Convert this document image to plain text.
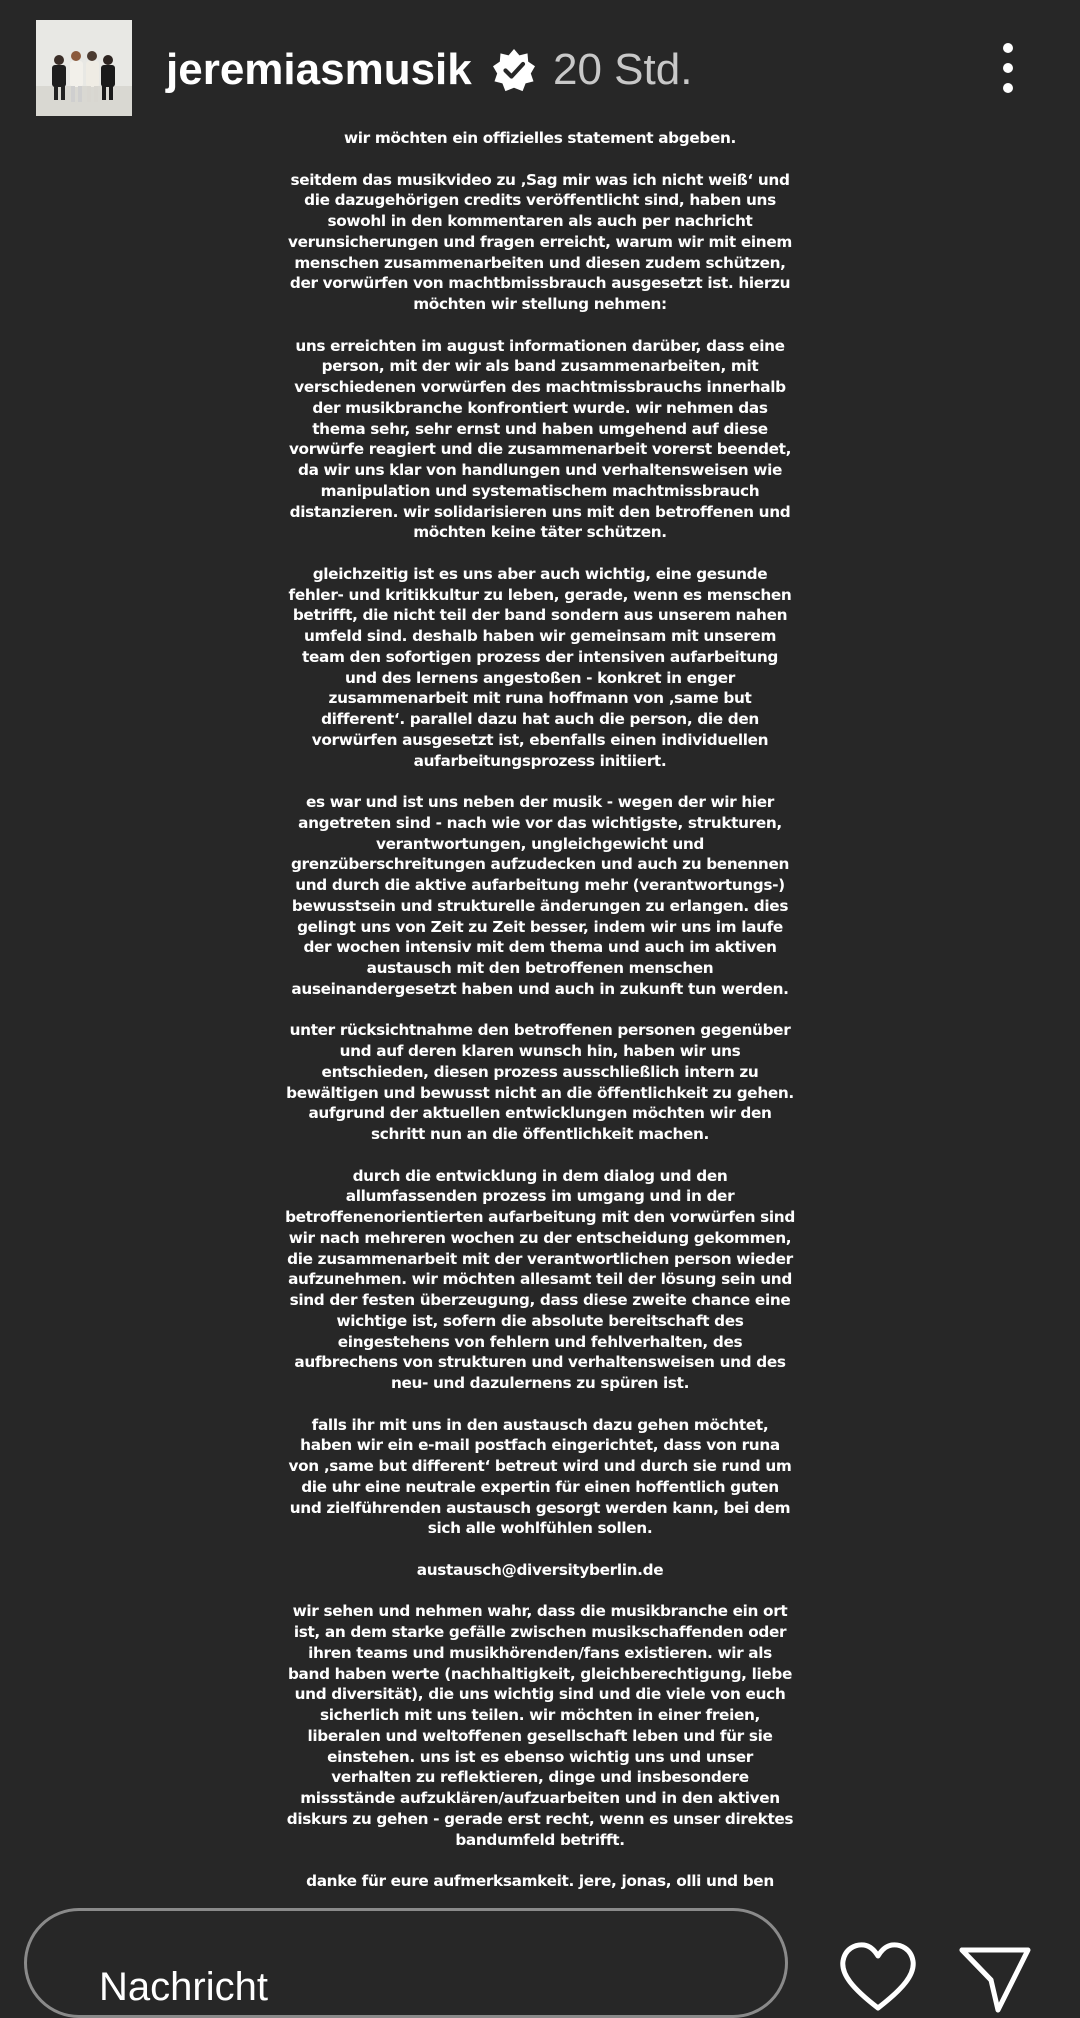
jeremiasmusik 20 Std.

wir möchten ein offizielles statement abgeben.

seitdem das musikvideo zu ‚Sag mir was ich nicht weiß‘ und die dazugehörigen credits veröffentlicht sind, haben uns sowohl in den kommentaren als auch per nachricht verunsicherungen und fragen erreicht, warum wir mit einem menschen zusammenarbeiten und diesen zudem schützen, der vorwürfen von machtbmissbrauch ausgesetzt ist. hierzu möchten wir stellung nehmen:

uns erreichten im august informationen darüber, dass eine person, mit der wir als band zusammenarbeiten, mit verschiedenen vorwürfen des machtmissbrauchs innerhalb der musikbranche konfrontiert wurde. wir nehmen das thema sehr, sehr ernst und haben umgehend auf diese vorwürfe reagiert und die zusammenarbeit vorerst beendet, da wir uns klar von handlungen und verhaltensweisen wie manipulation und systematischem machtmissbrauch distanzieren. wir solidarisieren uns mit den betroffenen und möchten keine täter schützen.

gleichzeitig ist es uns aber auch wichtig, eine gesunde fehler- und kritikkultur zu leben, gerade, wenn es menschen betrifft, die nicht teil der band sondern aus unserem nahen umfeld sind. deshalb haben wir gemeinsam mit unserem team den sofortigen prozess der intensiven aufarbeitung und des lernens angestoßen - konkret in enger zusammenarbeit mit runa hoffmann von ‚same but different‘. parallel dazu hat auch die person, die den vorwürfen ausgesetzt ist, ebenfalls einen individuellen aufarbeitungsprozess initiiert.

es war und ist uns neben der musik - wegen der wir hier angetreten sind - nach wie vor das wichtigste, strukturen, verantwortungen, ungleichgewicht und grenzüberschreitungen aufzudecken und auch zu benennen und durch die aktive aufarbeitung mehr (verantwortungs-) bewusstsein und strukturelle änderungen zu erlangen. dies gelingt uns von Zeit zu Zeit besser, indem wir uns im laufe der wochen intensiv mit dem thema und auch im aktiven austausch mit den betroffenen menschen auseinandergesetzt haben und auch in zukunft tun werden.

unter rücksichtnahme den betroffenen personen gegenüber und auf deren klaren wunsch hin, haben wir uns entschieden, diesen prozess ausschließlich intern zu bewältigen und bewusst nicht an die öffentlichkeit zu gehen. aufgrund der aktuellen entwicklungen möchten wir den schritt nun an die öffentlichkeit machen.

durch die entwicklung in dem dialog und den allumfassenden prozess im umgang und in der betroffenenorientierten aufarbeitung mit den vorwürfen sind wir nach mehreren wochen zu der entscheidung gekommen, die zusammenarbeit mit der verantwortlichen person wieder aufzunehmen. wir möchten allesamt teil der lösung sein und sind der festen überzeugung, dass diese zweite chance eine wichtige ist, sofern die absolute bereitschaft des eingestehens von fehlern und fehlverhalten, des aufbrechens von strukturen und verhaltensweisen und des neu- und dazulernens zu spüren ist.

falls ihr mit uns in den austausch dazu gehen möchtet, haben wir ein e-mail postfach eingerichtet, dass von runa von ‚same but different‘ betreut wird und durch sie rund um die uhr eine neutrale expertin für einen hoffentlich guten und zielführenden austausch gesorgt werden kann, bei dem sich alle wohlfühlen sollen.

austausch@diversityberlin.de

wir sehen und nehmen wahr, dass die musikbranche ein ort ist, an dem starke gefälle zwischen musikschaffenden oder ihren teams und musikhörenden/fans existieren. wir als band haben werte (nachhaltigkeit, gleichberechtigung, liebe und diversität), die uns wichtig sind und die viele von euch sicherlich mit uns teilen. wir möchten in einer freien, liberalen und weltoffenen gesellschaft leben und für sie einstehen. uns ist es ebenso wichtig uns und unser verhalten zu reflektieren, dinge und insbesondere missstände aufzuklären/aufzuarbeiten und in den aktiven diskurs zu gehen - gerade erst recht, wenn es unser direktes bandumfeld betrifft.

danke für eure aufmerksamkeit. jere, jonas, olli und ben

Nachricht
